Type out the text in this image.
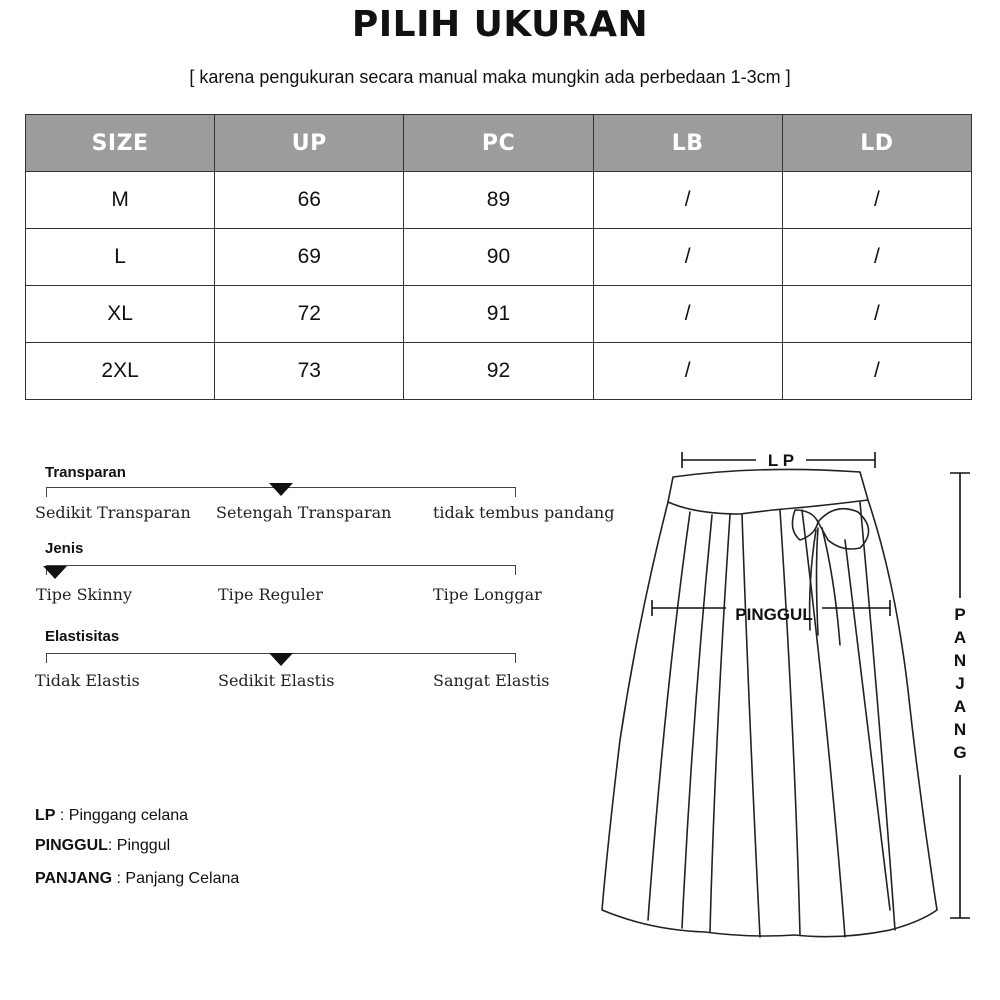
PILIH UKURAN
[ karena pengukuran secara manual maka mungkin ada perbedaan 1-3cm ]
SIZE	UP	PC	LB	LD
M	66	89	/	/
L	69	90	/	/
XL	72	91	/	/
2XL	73	92	/	/
Transparan
Sedikit Transparan Setengah Transparan	tidak tembus pandang
Jenis
Tipe Skinny	Tipe Reguler	Tipe Longgar
Elastisitas
Tidak Elastis	Sedikit Elastis	Sangat Elastis
LP : Pinggang celana
PINGGUL: Pinggul
PANJANG : Panjang Celana
L P
PINGGUL	P
A
N
J
A
N
G
